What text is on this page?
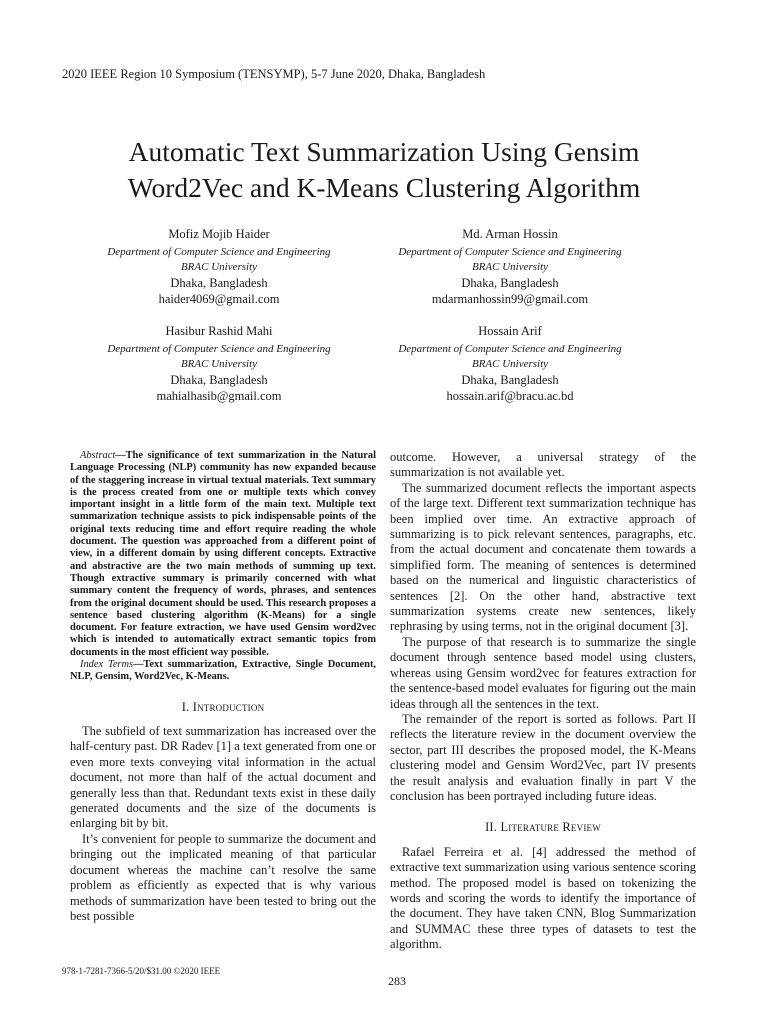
2020 IEEE Region 10 Symposium (TENSYMP), 5-7 June 2020, Dhaka, Bangladesh
Automatic Text Summarization Using Gensim
Word2Vec and K-Means Clustering Algorithm
Mofiz Mojib Haider
Department of Computer Science and Engineering
BRAC University
Dhaka, Bangladesh
haider4069@gmail.com
Md. Arman Hossin
Department of Computer Science and Engineering
BRAC University
Dhaka, Bangladesh
mdarmanhossin99@gmail.com
Hasibur Rashid Mahi
Department of Computer Science and Engineering
BRAC University
Dhaka, Bangladesh
mahialhasib@gmail.com
Hossain Arif
Department of Computer Science and Engineering
BRAC University
Dhaka, Bangladesh
hossain.arif@bracu.ac.bd

Abstract—The significance of text summarization in the Natural Language Processing (NLP) community has now expanded because of the staggering increase in virtual textual materials. Text summary is the process created from one or multiple texts which convey important insight in a little form of the main text. Multiple text summarization technique assists to pick indispensable points of the original texts reducing time and effort require reading the whole document. The question was approached from a different point of view, in a different domain by using different concepts. Extractive and abstractive are the two main methods of summing up text. Though extractive summary is primarily concerned with what summary content the frequency of words, phrases, and sentences from the original document should be used. This research proposes a sentence based clustering algorithm (K-Means) for a single document. For feature extraction, we have used Gensim word2vec which is intended to automatically extract semantic topics from documents in the most efficient way possible.

Index Terms—Text summarization, Extractive, Single Document, NLP, Gensim, Word2Vec, K-Means.

I. Introduction

The subfield of text summarization has increased over the half-century past. DR Radev [1] a text generated from one or even more texts conveying vital information in the actual document, not more than half of the actual document and generally less than that. Redundant texts exist in these daily generated documents and the size of the documents is enlarging bit by bit.

It’s convenient for people to summarize the document and bringing out the implicated meaning of that particular document whereas the machine can’t resolve the same problem as efficiently as expected that is why various methods of summarization have been tested to bring out the best possible

outcome. However, a universal strategy of the summarization is not available yet.

The summarized document reflects the important aspects of the large text. Different text summarization technique has been implied over time. An extractive approach of summarizing is to pick relevant sentences, paragraphs, etc. from the actual document and concatenate them towards a simplified form. The meaning of sentences is determined based on the numerical and linguistic characteristics of sentences [2]. On the other hand, abstractive text summarization systems create new sentences, likely rephrasing by using terms, not in the original document [3].

The purpose of that research is to summarize the single document through sentence based model using clusters, whereas using Gensim word2vec for features extraction for the sentence-based model evaluates for figuring out the main ideas through all the sentences in the text.

The remainder of the report is sorted as follows. Part II reflects the literature review in the document overview the sector, part III describes the proposed model, the K-Means clustering model and Gensim Word2Vec, part IV presents the result analysis and evaluation finally in part V the conclusion has been portrayed including future ideas.

II. Literature Review

Rafael Ferreira et al. [4] addressed the method of extractive text summarization using various sentence scoring method. The proposed model is based on tokenizing the words and scoring the words to identify the importance of the document. They have taken CNN, Blog Summarization and SUMMAC these three types of datasets to test the algorithm.

978-1-7281-7366-5/20/$31.00 ©2020 IEEE
283
